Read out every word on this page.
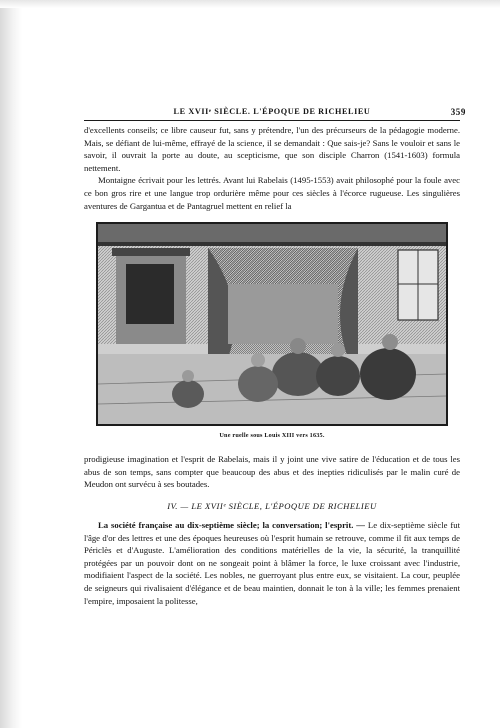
LE XVIIᵉ SIÈCLE. L'ÉPOQUE DE RICHELIEU	359

d'excellents conseils; ce libre causeur fut, sans y prétendre, l'un des précurseurs de la pédagogie moderne. Mais, se défiant de lui-même, effrayé de la science, il se demandait : Que sais-je? Sans le vouloir et sans le savoir, il ouvrait la porte au doute, au scepticisme, que son disciple Charron (1541-1603) formula nettement.

Montaigne écrivait pour les lettrés. Avant lui Rabelais (1495-1553) avait philosophé pour la foule avec ce bon gros rire et une langue trop ordurière même pour ces siècles à l'écorce rugueuse. Les singulières aventures de Gargantua et de Pantagruel mettent en relief la

Une ruelle sous Louis XIII vers 1635.

prodigieuse imagination et l'esprit de Rabelais, mais il y joint une vive satire de l'éducation et de tous les abus de son temps, sans compter que beaucoup des abus et des inepties ridiculisés par le malin curé de Meudon ont survécu à ses boutades.

IV. — LE XVIIᵉ SIÈCLE, L'ÉPOQUE DE RICHELIEU

La société française au dix-septième siècle; la conversation; l'esprit. — Le dix-septième siècle fut l'âge d'or des lettres et une des époques heureuses où l'esprit humain se retrouve, comme il fit aux temps de Périclès et d'Auguste. L'amélioration des conditions matérielles de la vie, la sécurité, la tranquillité protégées par un pouvoir dont on ne songeait point à blâmer la force, le luxe croissant avec l'industrie, modifiaient l'aspect de la société. Les nobles, ne guerroyant plus entre eux, se visitaient. La cour, peuplée de seigneurs qui rivalisaient d'élégance et de beau maintien, donnait le ton à la ville; les femmes prenaient l'empire, imposaient la politesse,
